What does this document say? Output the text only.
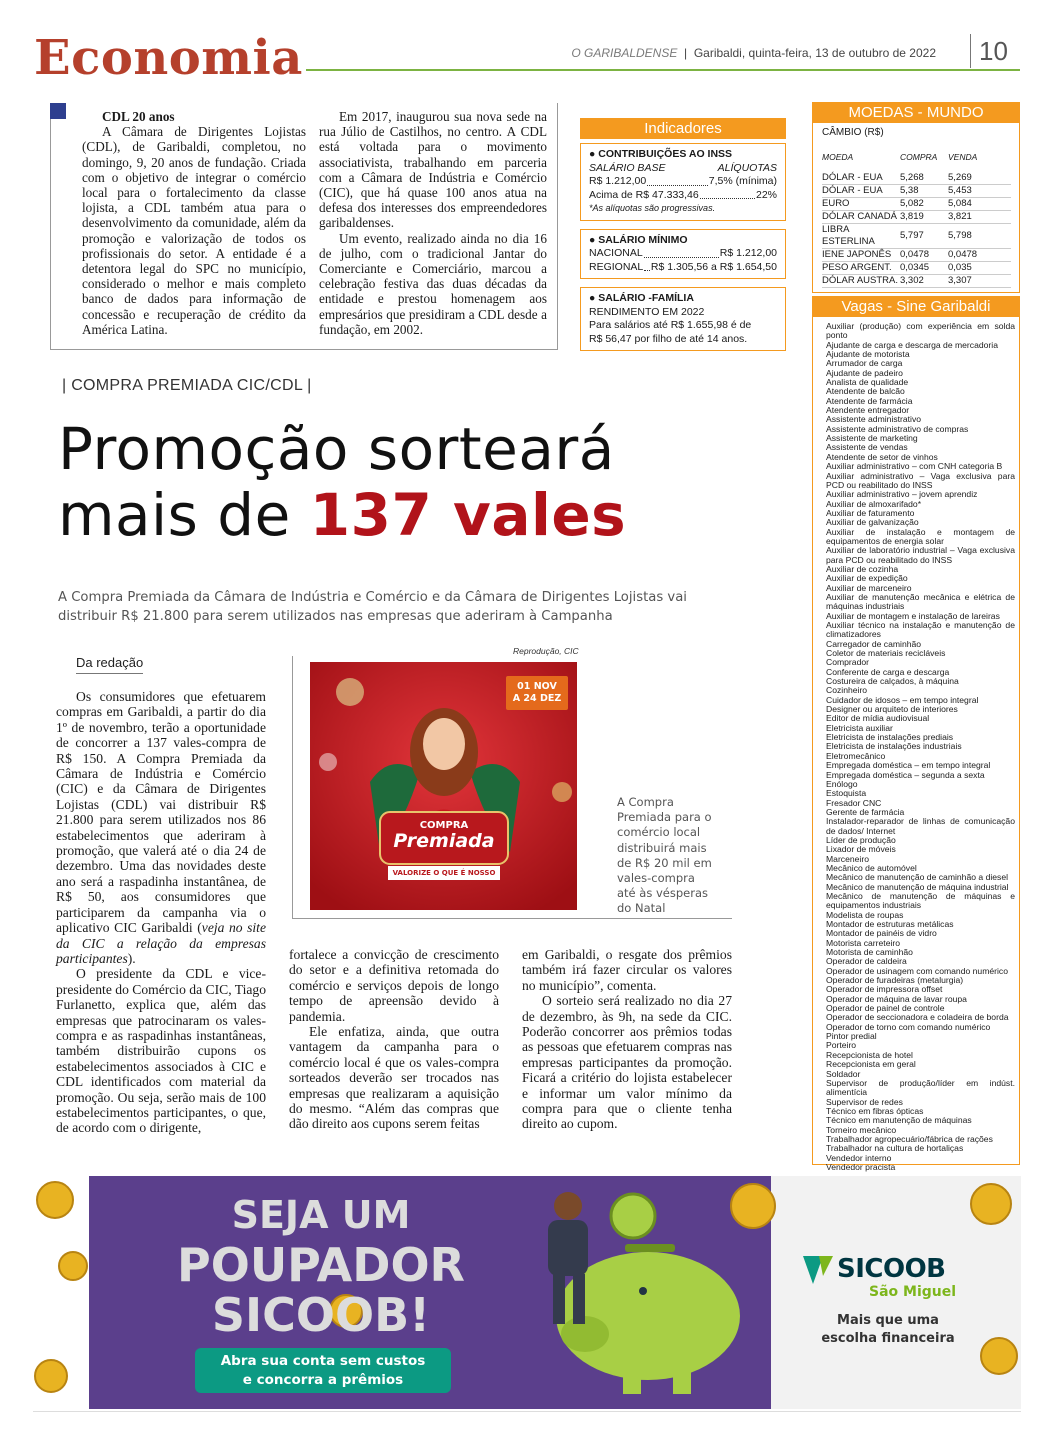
Economia	O GARIBALDENSE | Garibaldi, quinta-feira, 13 de outubro de 2022	10

CDL 20 anos

A Câmara de Dirigentes Lojistas (CDL), de Garibaldi, completou, no domingo, 9, 20 anos de fundação. Criada com o objetivo de integrar o comércio local para o fortalecimento da classe lojista, a CDL também atua para o desenvolvimento da comunidade, além da promoção e valorização de todos os profissionais do setor. A entidade é a detentora legal do SPC no município, considerado o melhor e mais completo banco de dados para informação de concessão e recuperação de crédito da América Latina.

Em 2017, inaugurou sua nova sede na rua Júlio de Castilhos, no centro. A CDL está voltada para o movimento associativista, trabalhando em parceria com a Câmara de Indústria e Comércio (CIC), que há quase 100 anos atua na defesa dos interesses dos empreendedores garibaldenses.

Um evento, realizado ainda no dia 16 de julho, com o tradicional Jantar do Comerciante e Comerciário, marcou a celebração festiva das duas décadas da entidade e prestou homenagem aos empresários que presidiram a CDL desde a fundação, em 2002.

Indicadores
● CONTRIBUIÇÕES AO INSS
SALÁRIO BASE	ALÍQUOTAS
R$ 1.212,00	7,5% (mínima)
Acima de R$ 47.333,46	22%
*As alíquotas são progressivas.
● SALÁRIO MÍNIMO
NACIONAL	R$ 1.212,00
REGIONAL R$ 1.305,56 a R$ 1.654,50
● SALÁRIO -FAMÍLIA
RENDIMENTO EM 2022
Para salários até R$ 1.655,98 é de
R$ 56,47 por filho de até 14 anos.
MOEDAS - MUNDO
CÂMBIO (R$)
MOEDA	COMPRA	VENDA
DÓLAR - EUA	5,268	5,269
DÓLAR - EUA	5,38	5,453
EURO	5,082	5,084
DÓLAR CANADÁ	3,819	3,821
LIBRA ESTERLINA	5,797	5,798
IENE JAPONÊS	0,0478	0,0478
PESO ARGENT.	0,0345	0,035
DÓLAR AUSTRA.	3,302	3,307
Vagas - Sine Garibaldi
Auxiliar (produção) com experiência em solda ponto
Ajudante de carga e descarga de mercadoria
Ajudante de motorista
Arrumador de carga
Ajudante de padeiro
Analista de qualidade
Atendente de balcão
Atendente de farmácia
Atendente entregador
Assistente administrativo
Assistente administrativo de compras
Assistente de marketing
Assistente de vendas
Atendente de setor de vinhos
Auxiliar administrativo – com CNH categoria B
Auxiliar administrativo – Vaga exclusiva para PCD ou reabilitado do INSS
Auxiliar administrativo – jovem aprendiz
Auxiliar de almoxarifado*
Auxiliar de faturamento
Auxiliar de galvanização
Auxiliar de instalação e montagem de equipamentos de energia solar
Auxiliar de laboratório industrial – Vaga exclusiva para PCD ou reabilitado do INSS
Auxiliar de cozinha
Auxiliar de expedição
Auxiliar de marceneiro
Auxiliar de manutenção mecânica e elétrica de máquinas industriais
Auxiliar de montagem e instalação de lareiras
Auxiliar técnico na instalação e manutenção de climatizadores
Carregador de caminhão
Coletor de materiais recicláveis
Comprador
Conferente de carga e descarga
Costureira de calçados, à máquina
Cozinheiro
Cuidador de idosos – em tempo integral
Designer ou arquiteto de interiores
Editor de mídia audiovisual
Eletricista auxiliar
Eletricista de instalações prediais
Eletricista de instalações industriais
Eletromecânico
Empregada doméstica – em tempo integral
Empregada doméstica – segunda a sexta
Enólogo
Estoquista
Fresador CNC
Gerente de farmácia
Instalador-reparador de linhas de comunicação de dados/ Internet
Líder de produção
Lixador de móveis
Marceneiro
Mecânico de automóvel
Mecânico de manutenção de caminhão a diesel
Mecânico de manutenção de máquina industrial
Mecânico de manutenção de máquinas e equipamentos industriais
Modelista de roupas
Montador de estruturas metálicas
Montador de painéis de vidro
Motorista carreteiro
Motorista de caminhão
Operador de caldeira
Operador de usinagem com comando numérico
Operador de furadeiras (metalurgia)
Operador de impressora offset
Operador de máquina de lavar roupa
Operador de painel de controle
Operador de seccionadora e coladeira de borda
Operador de torno com comando numérico
Pintor predial
Porteiro
Recepcionista de hotel
Recepcionista em geral
Soldador
Supervisor de produção/líder em indúst. alimentícia
Supervisor de redes
Técnico em fibras ópticas
Técnico em manutenção de máquinas
Torneiro mecânico
Trabalhador agropecuário/fábrica de rações
Trabalhador na cultura de hortaliças
Vendedor interno
Vendedor pracista
| COMPRA PREMIADA CIC/CDL |
Promoção sorteará
mais de 137 vales
A Compra Premiada da Câmara de Indústria e Comércio e da Câmara de Dirigentes Lojistas vai distribuir R$ 21.800 para serem utilizados nas empresas que aderiram à Campanha
Da redação

Os consumidores que efetuarem compras em Garibaldi, a partir do dia 1º de novembro, terão a oportunidade de concorrer a 137 vales-compra de R$ 150. A Compra Premiada da Câmara de Indústria e Comércio (CIC) e da Câmara de Dirigentes Lojistas (CDL) vai distribuir R$ 21.800 para serem utilizados nos 86 estabelecimentos que aderiram à promoção, que valerá até o dia 24 de dezembro. Uma das novidades deste ano será a raspadinha instantânea, de R$ 50, aos consumidores que participarem da campanha via o aplicativo CIC Garibaldi (veja no site da CIC a relação da empresas participantes).

O presidente da CDL e vice-presidente do Comércio da CIC, Tiago Furlanetto, explica que, além das empresas que patrocinaram os vales-compra e as raspadinhas instantâneas, também distribuirão cupons os estabelecimentos associados à CIC e CDL identificados com material da promoção. Ou seja, serão mais de 100 estabelecimentos participantes, o que, de acordo com o dirigente,

fortalece a convicção de crescimento do setor e a definitiva retomada do comércio e serviços depois de longo tempo de apreensão devido à pandemia.

Ele enfatiza, ainda, que outra vantagem da campanha para o comércio local é que os vales-compra sorteados deverão ser trocados nas empresas que realizaram a aquisição do mesmo. “Além das compras que dão direito aos cupons serem feitas

em Garibaldi, o resgate dos prêmios também irá fazer circular os valores no município”, comenta.

O sorteio será realizado no dia 27 de dezembro, às 9h, na sede da CIC. Poderão concorrer aos prêmios todas as pessoas que efetuarem compras nas empresas participantes da promoção. Ficará a critério do lojista estabelecer e informar um valor mínimo da compra para que o cliente tenha direito ao cupom.

Reprodução, CIC
01 NOV
A 24 DEZ
COMPRA
Premiada
VALORIZE O QUE É NOSSO
A Compra Premiada para o comércio local distribuirá mais de R$ 20 mil em vales-compra até às vésperas do Natal
SEJA UM
POUPADOR
SICOOB!
Abra sua conta sem custos
e concorra a prêmios
SICOOB
São Miguel
Mais que uma
escolha financeira
